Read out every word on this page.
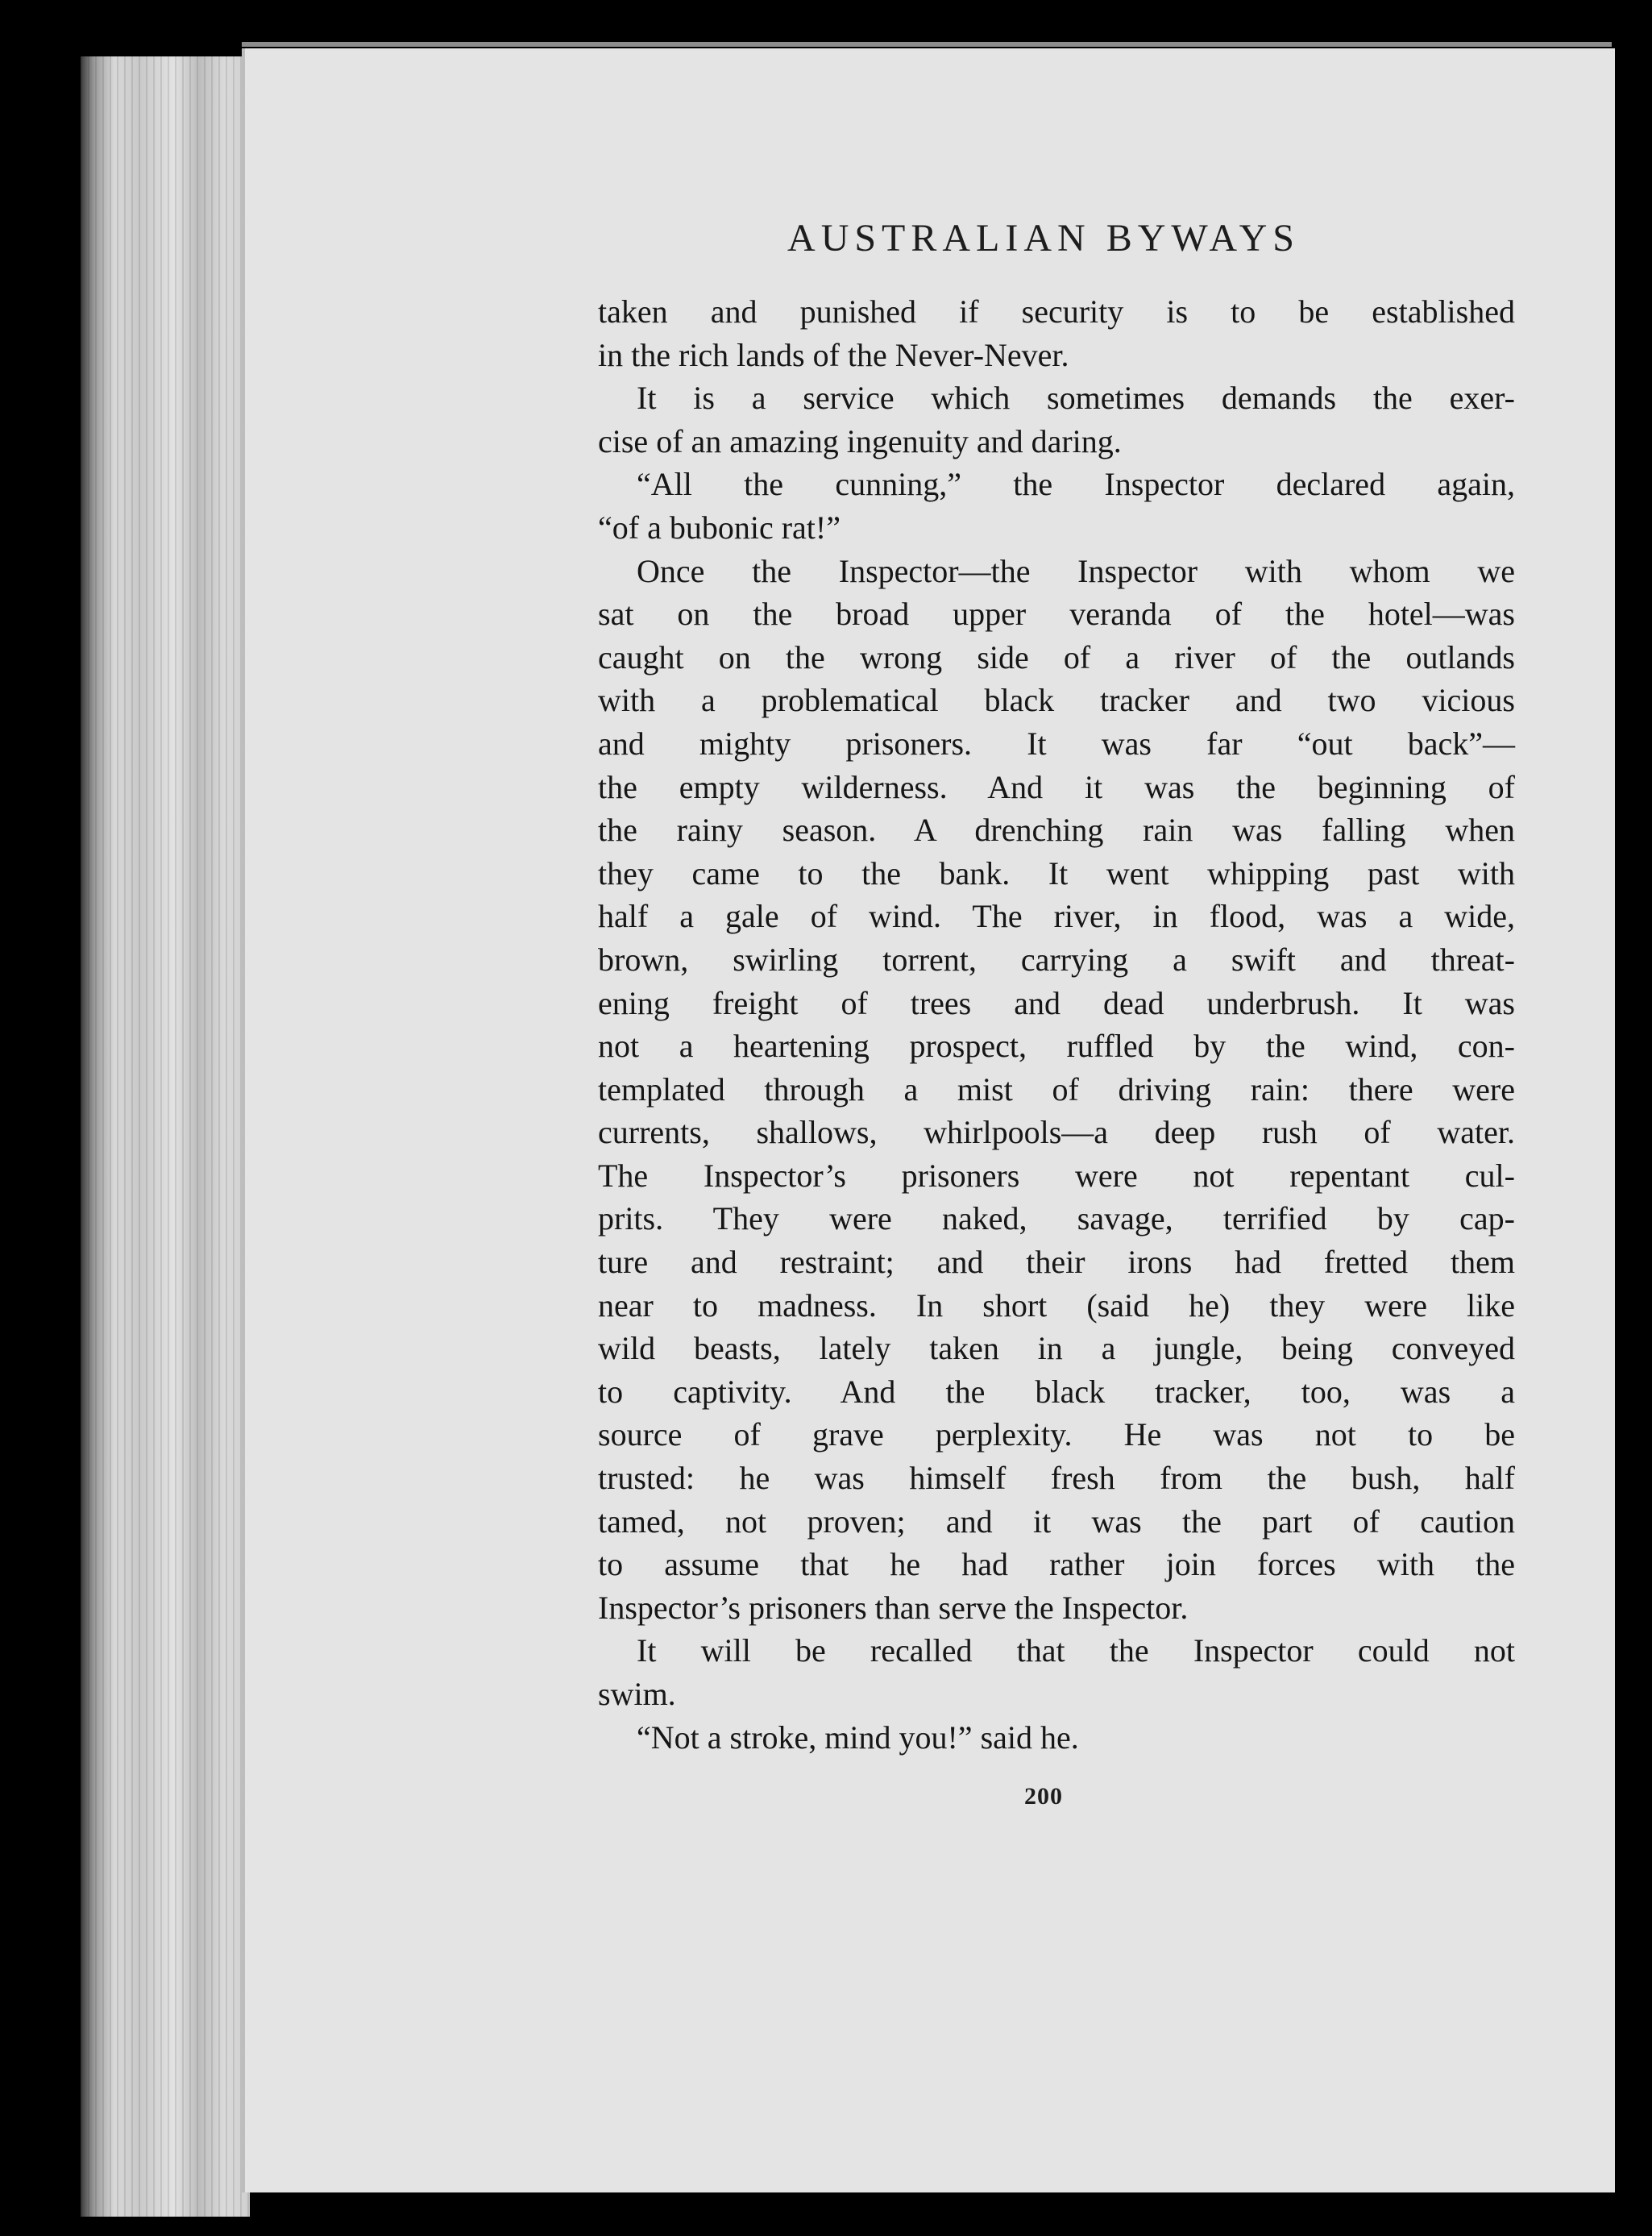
AUSTRALIAN BYWAYS
taken and punished if security is to be established
in the rich lands of the Never-Never.
It is a service which sometimes demands the exer-
cise of an amazing ingenuity and daring.
“All the cunning,” the Inspector declared again,
“of a bubonic rat!”
Once the Inspector—the Inspector with whom we
sat on the broad upper veranda of the hotel—was
caught on the wrong side of a river of the outlands
with a problematical black tracker and two vicious
and mighty prisoners. It was far “out back”—
the empty wilderness. And it was the beginning of
the rainy season. A drenching rain was falling when
they came to the bank. It went whipping past with
half a gale of wind. The river, in flood, was a wide,
brown, swirling torrent, carrying a swift and threat-
ening freight of trees and dead underbrush. It was
not a heartening prospect, ruffled by the wind, con-
templated through a mist of driving rain: there were
currents, shallows, whirlpools—a deep rush of water.
The Inspector’s prisoners were not repentant cul-
prits. They were naked, savage, terrified by cap-
ture and restraint; and their irons had fretted them
near to madness. In short (said he) they were like
wild beasts, lately taken in a jungle, being conveyed
to captivity. And the black tracker, too, was a
source of grave perplexity. He was not to be
trusted: he was himself fresh from the bush, half
tamed, not proven; and it was the part of caution
to assume that he had rather join forces with the
Inspector’s prisoners than serve the Inspector.
It will be recalled that the Inspector could not
swim.
“Not a stroke, mind you!” said he.
200
